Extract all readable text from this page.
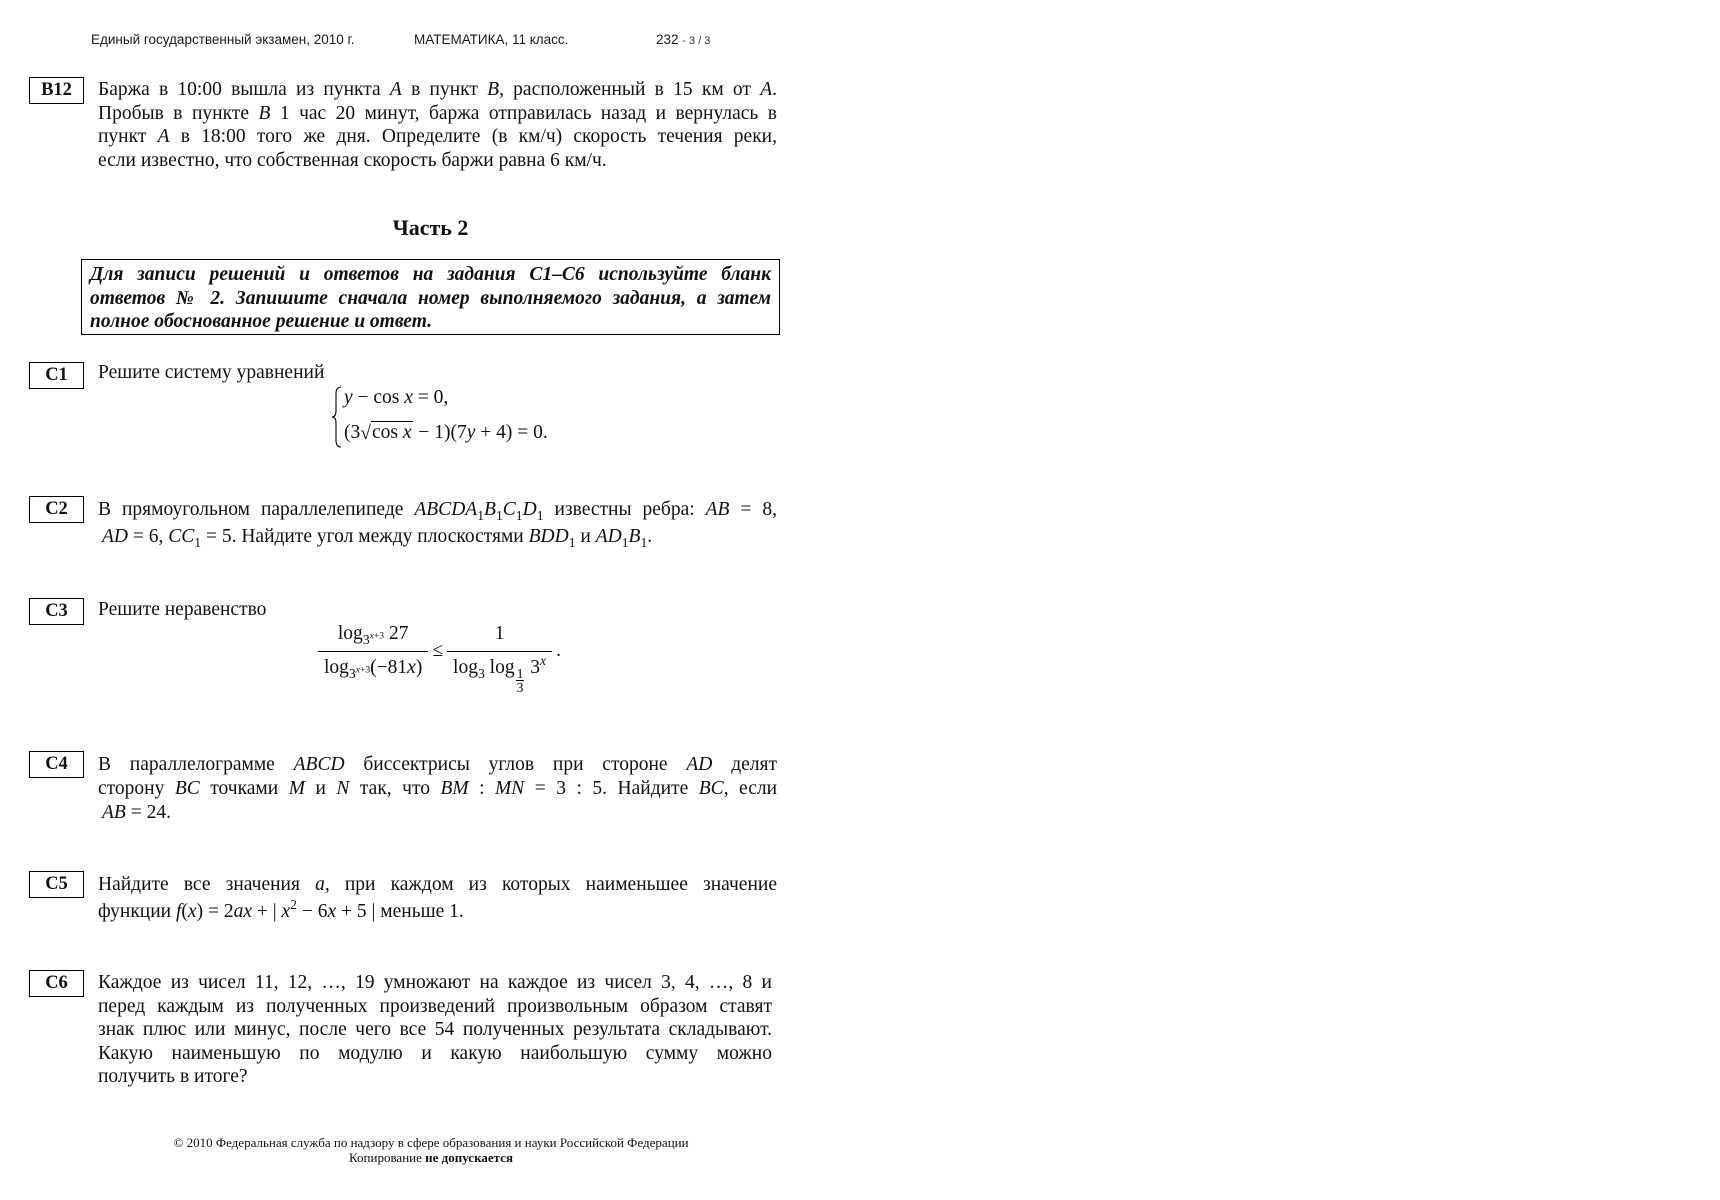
Единый государственный экзамен, 2010 г.	МАТЕМАТИКА, 11 класс.	232 - 3 / 3
В12	Баржа в 10:00 вышла из пункта A в пункт B, расположенный в 15 км от A.
Пробыв в пункте B 1 час 20 минут, баржа отправилась назад и вернулась в
пункт A в 18:00 того же дня. Определите (в км/ч) скорость течения реки,
если известно, что собственная скорость баржи равна 6 км/ч.
Часть 2
Для записи решений и ответов на задания С1–С6 используйте бланк
ответов № 2. Запишите сначала номер выполняемого задания, а затем
полное обоснованное решение и ответ.
С1	Решите систему уравнений
y − cos x = 0,
(3√cos x − 1)(7y + 4) = 0.
С2	В прямоугольном параллелепипеде $ABCDA_1B_1C_1D_1$ известны ребра: AB = 8,
AD = 6, $CC_1 = 5$. Найдите угол между плоскостями $BDD_1$ и $AD_1B_1$.
С3	Решите неравенство
$\frac{\log_{3^{x+3}} 27}{\log_{3^{x+3}}(-81x)} \le 1$
$\log_3 \log _{\frac{1}{3}}$ 3$^x$ .
С4	В параллелограмме ABCD биссектрисы углов при стороне AD делят
сторону BC точками M и N так, что BM : MN = 3 : 5. Найдите BC, если
AB = 24.
С5	Найдите все значения a, при каждом из которых наименьшее значение
функции f(x) = 2ax + | $x^2 - 6x + 5$ | меньше 1.
С6	Каждое из чисел 11, 12, …, 19 умножают на каждое из чисел 3, 4, …, 8 и
перед каждым из полученных произведений произвольным образом ставят
знак плюс или минус, после чего все 54 полученных результата складывают.
Какую наименьшую по модулю и какую наибольшую сумму можно
получить в итоге?
© 2010 Федеральная служба по надзору в сфере образования и науки Российской Федерации
Копирование не допускается
